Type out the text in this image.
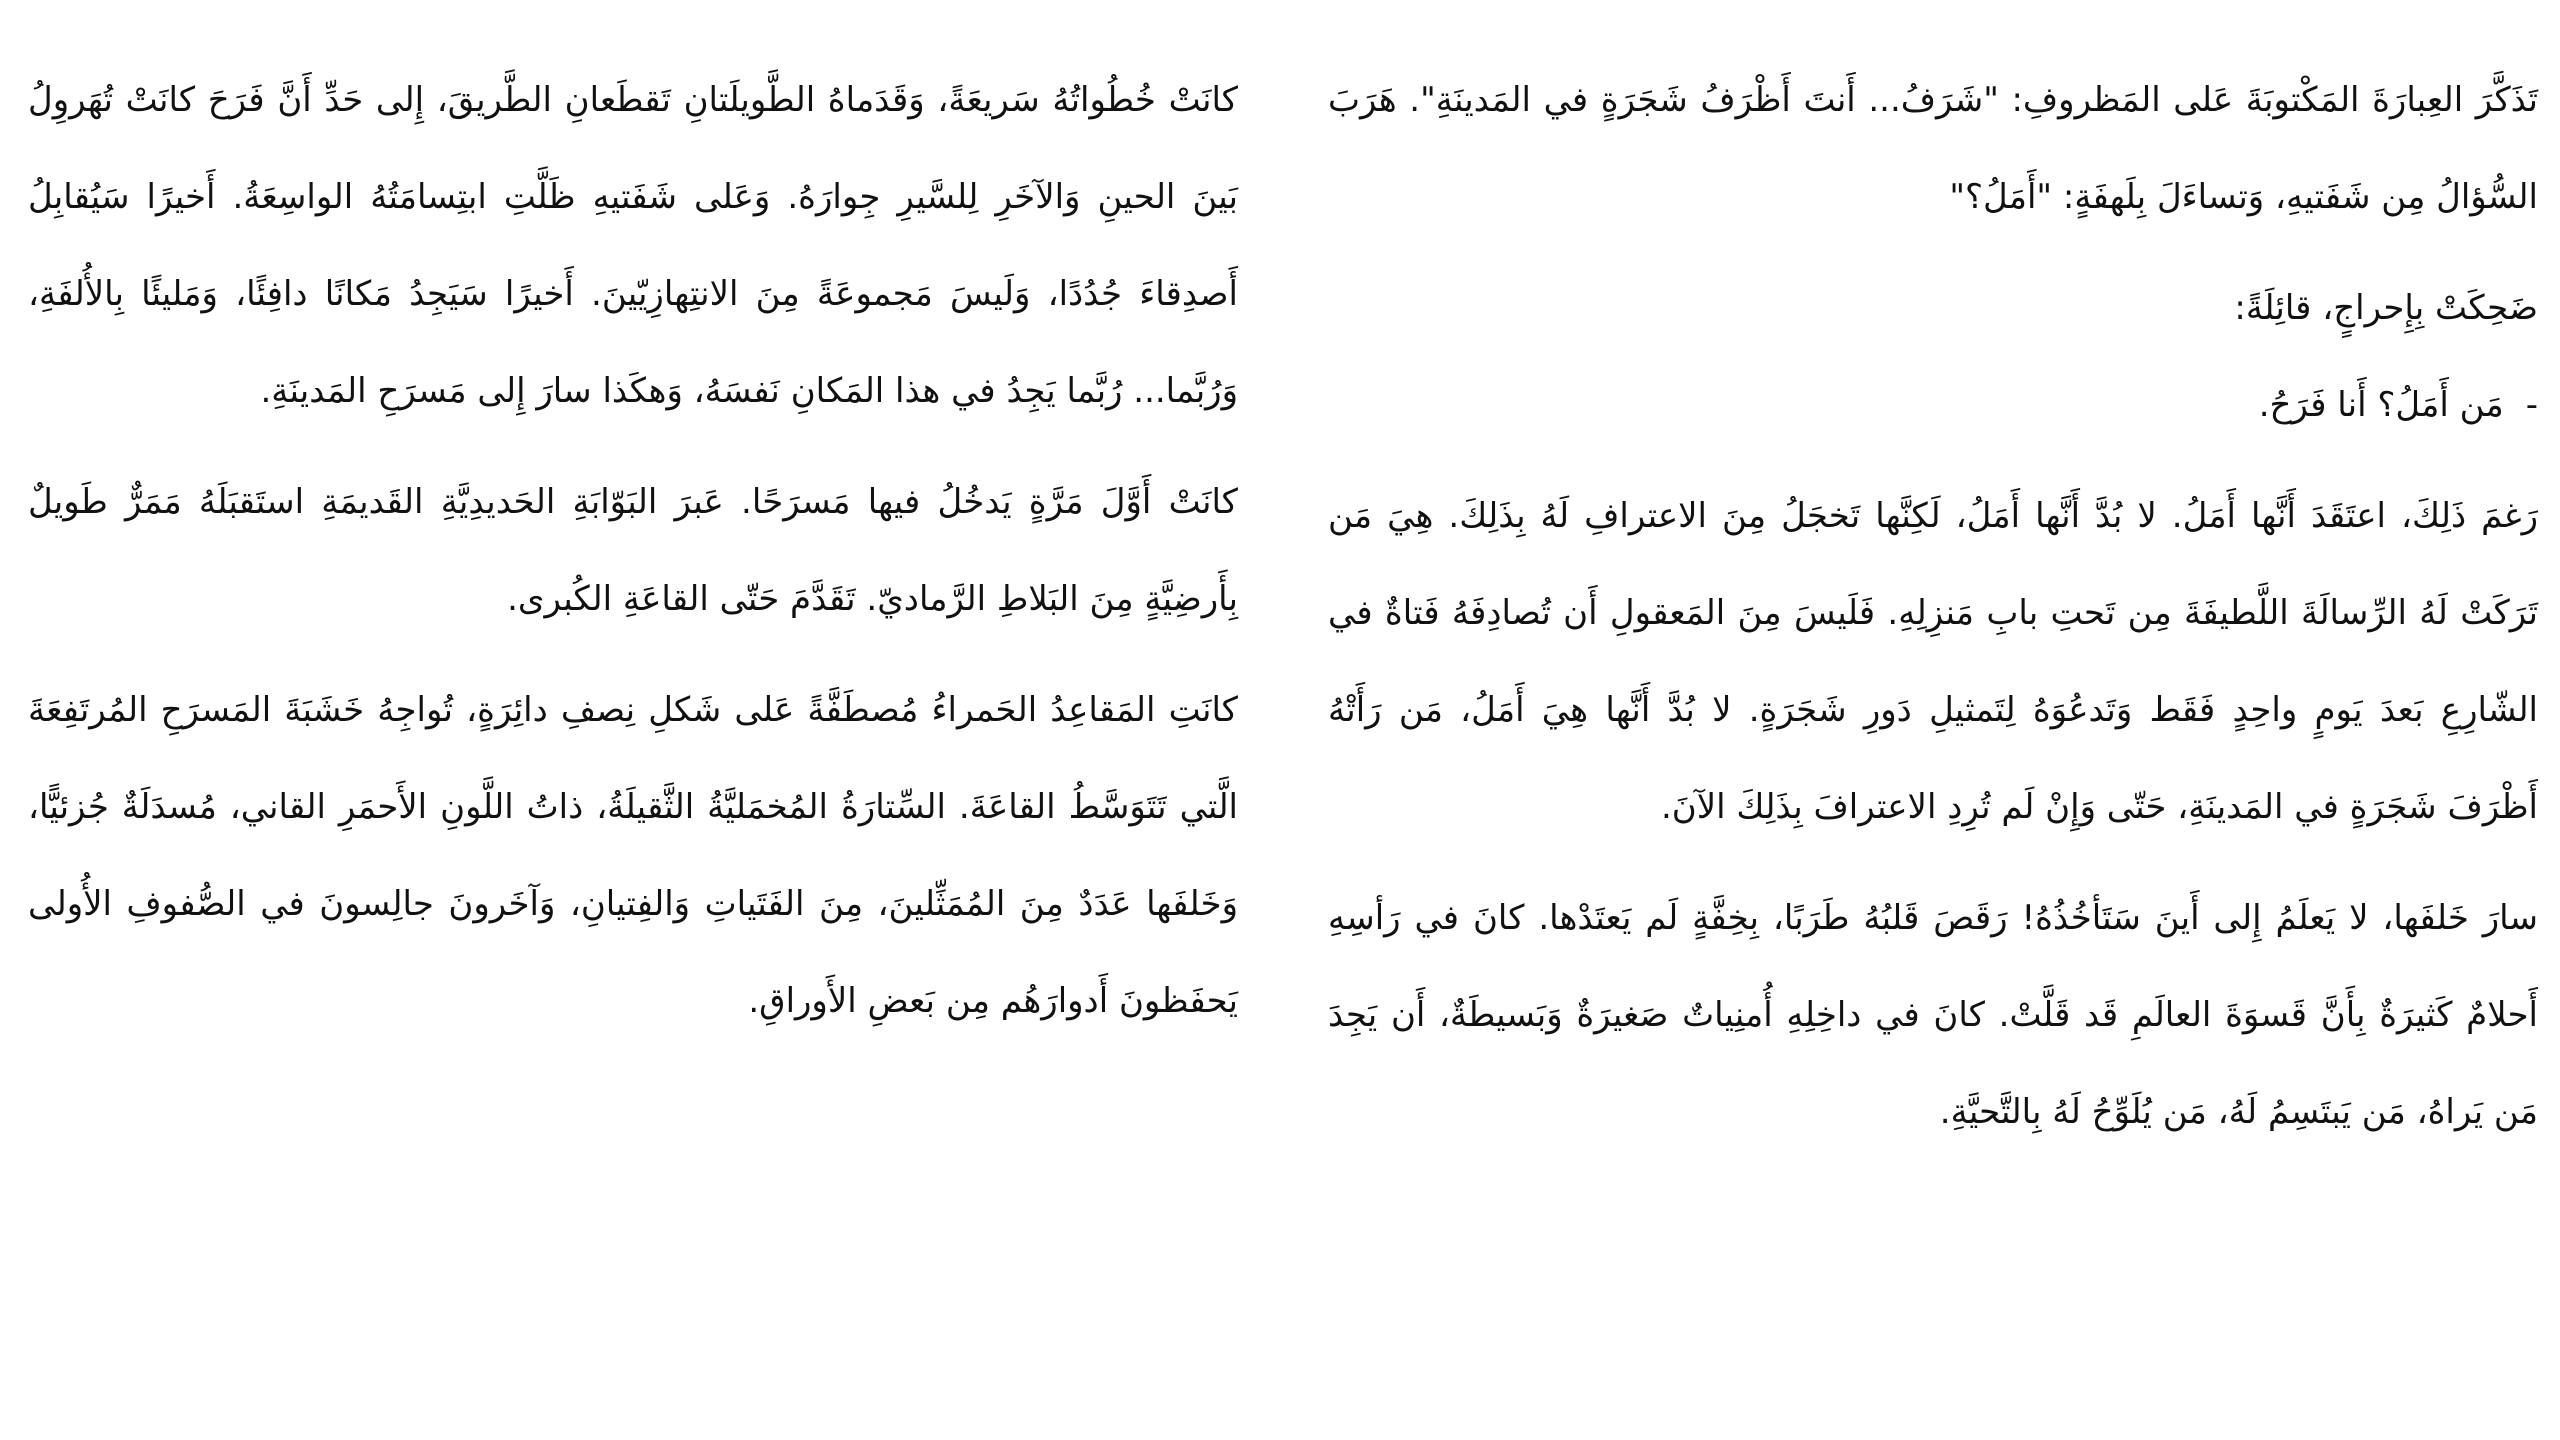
تَذَكَّرَ العِبارَةَ المَكْتوبَةَ عَلى المَظروفِ: "شَرَفُ... أَنتَ أَظْرَفُ شَجَرَةٍ في المَدينَةِ". هَرَبَ السُّؤالُ مِن شَفَتيهِ، وَتساءَلَ بِلَهفَةٍ: "أَمَلُ؟"

ضَحِكَتْ بِإِحراجٍ، قائِلَةً:

-
مَن أَمَلُ؟ أَنا فَرَحُ.

رَغمَ ذَلِكَ، اعتَقَدَ أَنَّها أَمَلُ. لا بُدَّ أَنَّها أَمَلُ، لَكِنَّها تَخجَلُ مِنَ الاعترافِ لَهُ بِذَلِكَ. هِيَ مَن تَرَكَتْ لَهُ الرِّسالَةَ اللَّطيفَةَ مِن تَحتِ بابِ مَنزِلِهِ. فَلَيسَ مِنَ المَعقولِ أَن تُصادِفَهُ فَتاةٌ في الشّارِعِ بَعدَ يَومٍ واحِدٍ فَقَط وَتَدعُوَهُ لِتَمثيلِ دَورِ شَجَرَةٍ. لا بُدَّ أَنَّها هِيَ أَمَلُ، مَن رَأَتْهُ أَظْرَفَ شَجَرَةٍ في المَدينَةِ، حَتّى وَإِنْ لَم تُرِدِ الاعترافَ بِذَلِكَ الآنَ.

سارَ خَلفَها، لا يَعلَمُ إِلى أَينَ سَتَأخُذُهُ! رَقَصَ قَلبُهُ طَرَبًا، بِخِفَّةٍ لَم يَعتَدْها. كانَ في رَأسِهِ أَحلامٌ كَثيرَةٌ بِأَنَّ قَسوَةَ العالَمِ قَد قَلَّتْ. كانَ في داخِلِهِ أُمنِياتٌ صَغيرَةٌ وَبَسيطَةٌ، أَن يَجِدَ مَن يَراهُ، مَن يَبتَسِمُ لَهُ، مَن يُلَوِّحُ لَهُ بِالتَّحيَّةِ.

كانَتْ خُطُواتُهُ سَريعَةً، وَقَدَماهُ الطَّويلَتانِ تَقطَعانِ الطَّريقَ، إِلى حَدِّ أَنَّ فَرَحَ كانَتْ تُهَروِلُ بَينَ الحينِ وَالآخَرِ لِلسَّيرِ جِوارَهُ. وَعَلى شَفَتيهِ ظَلَّتِ ابتِسامَتُهُ الواسِعَةُ. أَخيرًا سَيُقابِلُ أَصدِقاءَ جُدُدًا، وَلَيسَ مَجموعَةً مِنَ الانتِهازِيّينَ. أَخيرًا سَيَجِدُ مَكانًا دافِئًا، وَمَليئًا بِالأُلفَةِ، وَرُبَّما... رُبَّما يَجِدُ في هذا المَكانِ نَفسَهُ، وَهكَذا سارَ إِلى مَسرَحِ المَدينَةِ.

كانَتْ أَوَّلَ مَرَّةٍ يَدخُلُ فيها مَسرَحًا. عَبرَ البَوّابَةِ الحَديدِيَّةِ القَديمَةِ استَقبَلَهُ مَمَرٌّ طَويلٌ بِأَرضِيَّةٍ مِنَ البَلاطِ الرَّماديّ. تَقَدَّمَ حَتّى القاعَةِ الكُبرى.

كانَتِ المَقاعِدُ الحَمراءُ مُصطَفَّةً عَلى شَكلِ نِصفِ دائِرَةٍ، تُواجِهُ خَشَبَةَ المَسرَحِ المُرتَفِعَةَ الَّتي تَتَوَسَّطُ القاعَةَ. السِّتارَةُ المُخمَليَّةُ الثَّقيلَةُ، ذاتُ اللَّونِ الأَحمَرِ القاني، مُسدَلَةٌ جُزئيًّا، وَخَلفَها عَدَدٌ مِنَ المُمَثِّلينَ، مِنَ الفَتَياتِ وَالفِتيانِ، وَآخَرونَ جالِسونَ في الصُّفوفِ الأُولى يَحفَظونَ أَدوارَهُم مِن بَعضِ الأَوراقِ.
